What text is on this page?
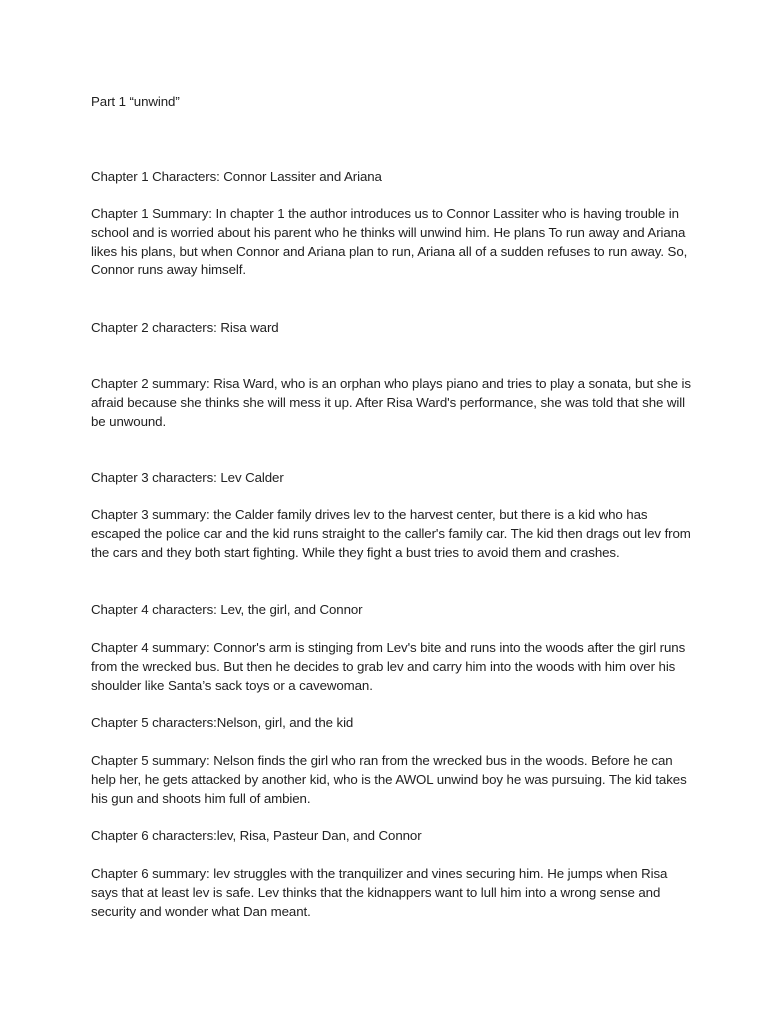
Part 1 “unwind”

Chapter 1 Characters: Connor Lassiter and Ariana

Chapter 1 Summary: In chapter 1 the author introduces us to Connor Lassiter who is having trouble in school and is worried about his parent who he thinks will unwind him. He plans To run away and Ariana likes his plans, but when Connor and Ariana plan to run, Ariana all of a sudden refuses to run away. So, Connor runs away himself.

Chapter 2 characters: Risa ward

Chapter 2 summary: Risa Ward, who is an orphan who plays piano and tries to play a sonata, but she is afraid because she thinks she will mess it up. After Risa Ward's performance, she was told that she will be unwound.

Chapter 3 characters: Lev Calder

Chapter 3 summary: the Calder family drives lev to the harvest center, but there is a kid who has escaped the police car and the kid runs straight to the caller's family car. The kid then drags out lev from the cars and they both start fighting. While they fight a bust tries to avoid them and crashes.

Chapter 4 characters: Lev, the girl, and Connor

Chapter 4 summary: Connor's arm is stinging from Lev's bite and runs into the woods after the girl runs from the wrecked bus. But then he decides to grab lev and carry him into the woods with him over his shoulder like Santa’s sack toys or a cavewoman.

Chapter 5 characters:Nelson, girl, and the kid

Chapter 5 summary: Nelson finds the girl who ran from the wrecked bus in the woods. Before he can help her, he gets attacked by another kid, who is the AWOL unwind boy he was pursuing. The kid takes his gun and shoots him full of ambien.

Chapter 6 characters:lev, Risa, Pasteur Dan, and Connor

Chapter 6 summary: lev struggles with the tranquilizer and vines securing him. He jumps when Risa says that at least lev is safe. Lev thinks that the kidnappers want to lull him into a wrong sense and security and wonder what Dan meant.
